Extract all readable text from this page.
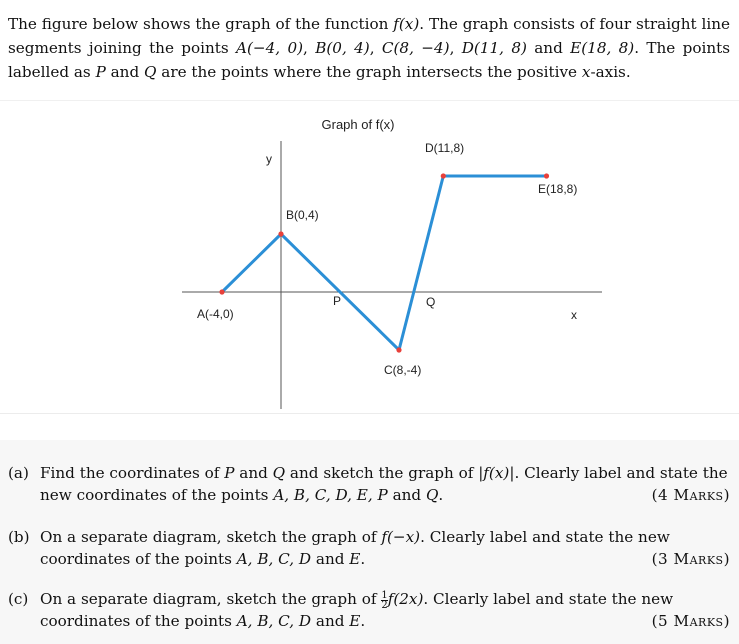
The figure below shows the graph of the function f(x). The graph consists of four straight line segments joining the points A(−4, 0), B(0, 4), C(8, −4), D(11, 8) and E(18, 8). The points labelled as P and Q are the points where the graph intersects the positive x-axis.
Graph of f(x)
y
x
A(-4,0)
B(0,4)
C(8,-4)
D(11,8)
E(18,8)
P	Q
(a) Find the coordinates of P and Q and sketch the graph of |f(x)|. Clearly label and state the new coordinates of the points A, B, C, D, E, P and Q.	(4 Marks)
(b) On a separate diagram, sketch the graph of f(−x). Clearly label and state the new coordinates of the points A, B, C, D and E.	(3 Marks)
(c) On a separate diagram, sketch the graph of $\frac{1}{2} f(2x)$. Clearly label and state the new coordinates of the points A, B, C, D and E.	(5 Marks)
